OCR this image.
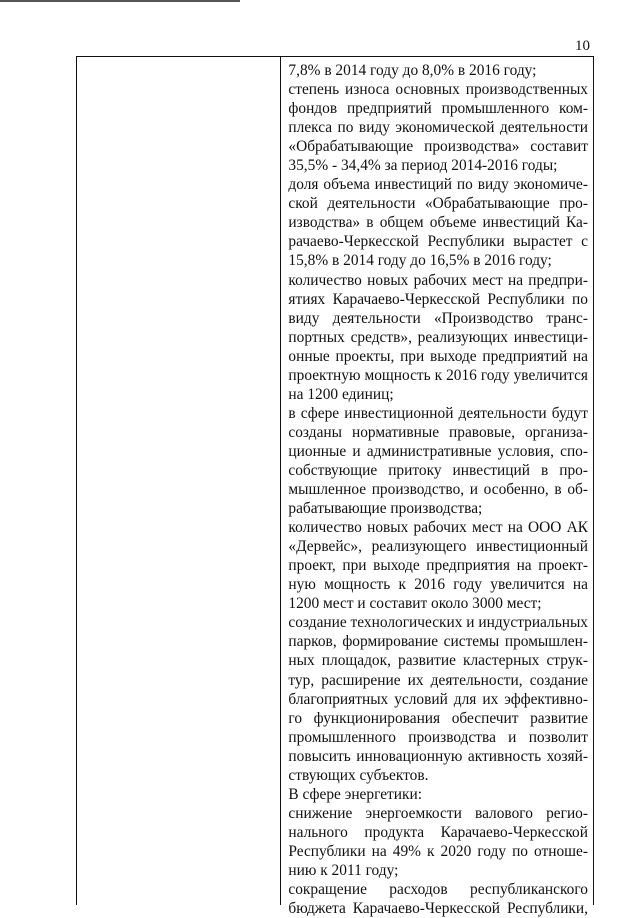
10
7,8% в 2014 году до 8,0% в 2016 году;
степень износа основных производственных
фондов предприятий промышленного ком-
плекса по виду экономической деятельности
«Обрабатывающие производства» составит
35,5% - 34,4% за период 2014-2016 годы;
доля объема инвестиций по виду экономиче-
ской деятельности «Обрабатывающие про-
изводства» в общем объеме инвестиций Ка-
рачаево-Черкесской Республики вырастет с
15,8% в 2014 году до 16,5% в 2016 году;
количество новых рабочих мест на предпри-
ятиях Карачаево-Черкесской Республики по
виду деятельности «Производство транс-
портных средств», реализующих инвестици-
онные проекты, при выходе предприятий на
проектную мощность к 2016 году увеличится
на 1200 единиц;
в сфере инвестиционной деятельности будут
созданы нормативные правовые, организа-
ционные и административные условия, спо-
собствующие притоку инвестиций в про-
мышленное производство, и особенно, в об-
рабатывающие производства;
количество новых рабочих мест на ООО АК
«Дервейс», реализующего инвестиционный
проект, при выходе предприятия на проект-
ную мощность к 2016 году увеличится на
1200 мест и составит около 3000 мест;
создание технологических и индустриальных
парков, формирование системы промышлен-
ных площадок, развитие кластерных струк-
тур, расширение их деятельности, создание
благоприятных условий для их эффективно-
го функционирования обеспечит развитие
промышленного производства и позволит
повысить инновационную активность хозяй-
ствующих субъектов.
В сфере энергетики:
снижение энергоемкости валового регио-
нального продукта Карачаево-Черкесской
Республики на 49% к 2020 году по отноше-
нию к 2011 году;
сокращение расходов республиканского
бюджета Карачаево-Черкесской Республики,
